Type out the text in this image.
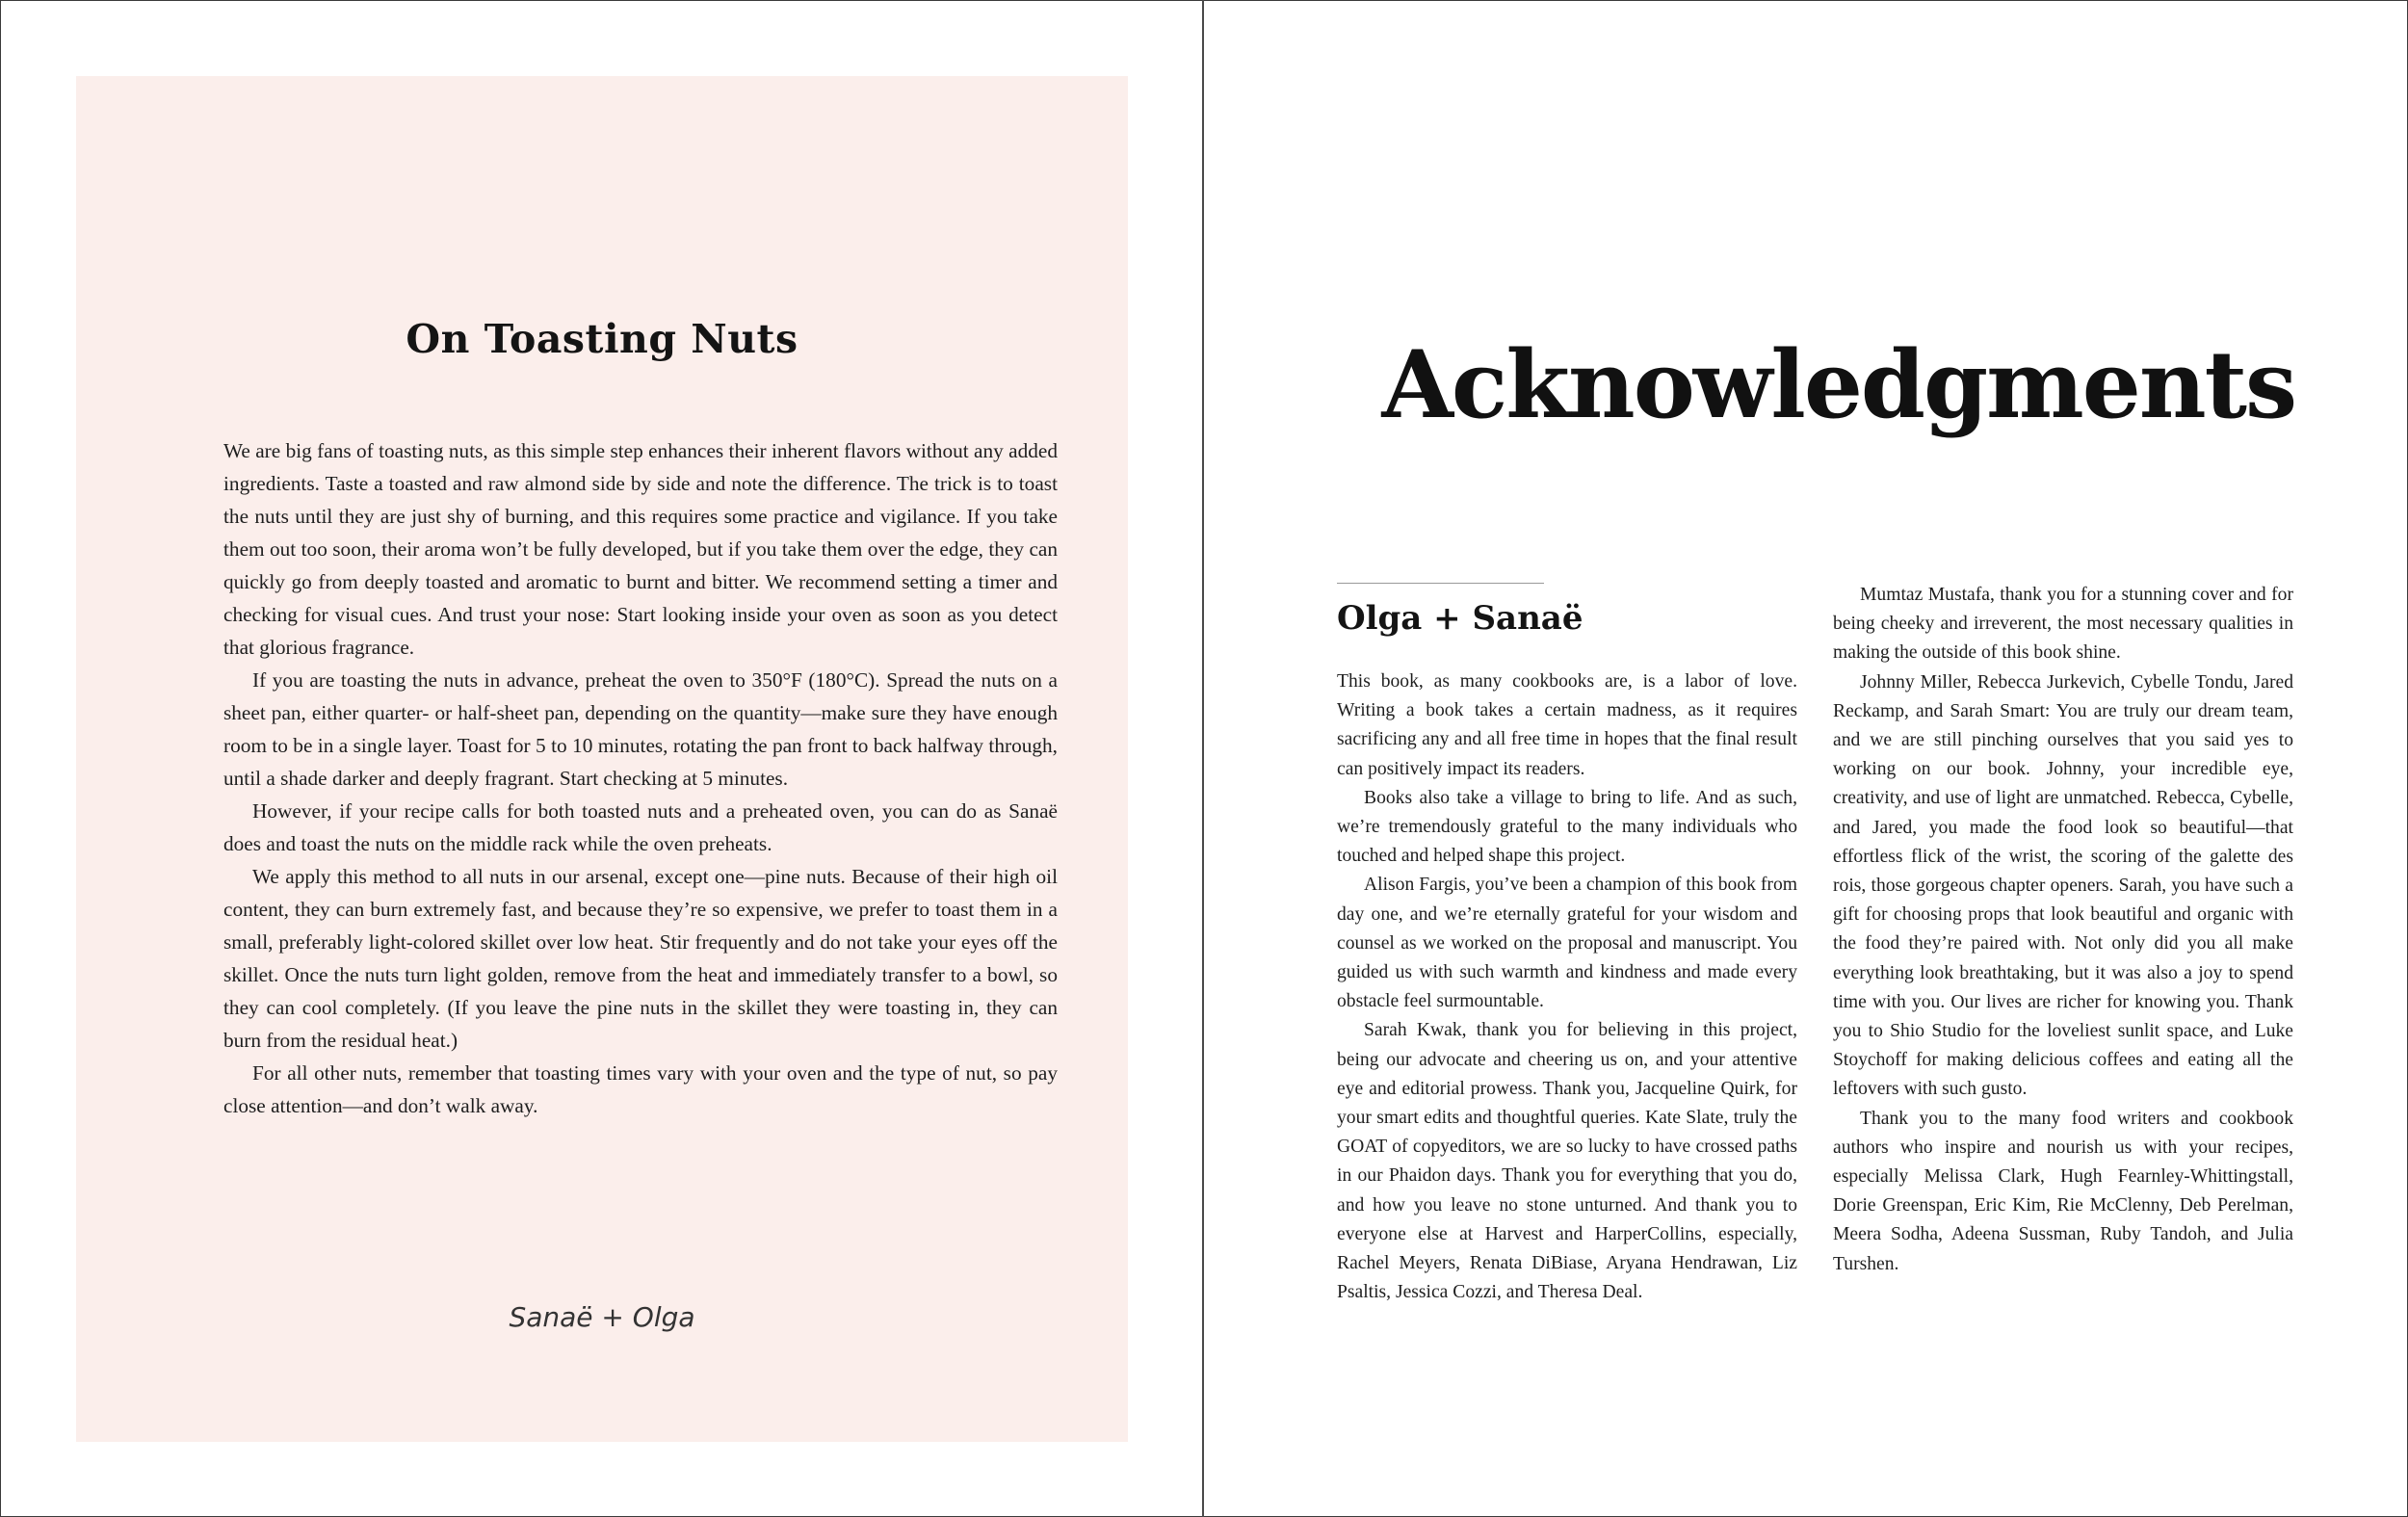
On Toasting Nuts

We are big fans of toasting nuts, as this simple step enhances their inherent flavors without any added ingredients. Taste a toasted and raw almond side by side and note the difference. The trick is to toast the nuts until they are just shy of burning, and this requires some practice and vigilance. If you take them out too soon, their aroma won’t be fully developed, but if you take them over the edge, they can quickly go from deeply toasted and aromatic to burnt and bitter. We recommend setting a timer and checking for visual cues. And trust your nose: Start looking inside your oven as soon as you detect that glorious fragrance.

If you are toasting the nuts in advance, preheat the oven to 350°F (180°C). Spread the nuts on a sheet pan, either quarter- or half-sheet pan, depending on the quantity—make sure they have enough room to be in a single layer. Toast for 5 to 10 minutes, rotating the pan front to back halfway through, until a shade darker and deeply fragrant. Start checking at 5 minutes.

However, if your recipe calls for both toasted nuts and a preheated oven, you can do as Sanaë does and toast the nuts on the middle rack while the oven preheats.

We apply this method to all nuts in our arsenal, except one—pine nuts. Because of their high oil content, they can burn extremely fast, and because they’re so expensive, we prefer to toast them in a small, preferably light-colored skillet over low heat. Stir frequently and do not take your eyes off the skillet. Once the nuts turn light golden, remove from the heat and immediately transfer to a bowl, so they can cool completely. (If you leave the pine nuts in the skillet they were toasting in, they can burn from the residual heat.)

For all other nuts, remember that toasting times vary with your oven and the type of nut, so pay close attention—and don’t walk away.

Sanaë + Olga
Acknowledgments
Olga + Sanaë

This book, as many cookbooks are, is a labor of love. Writing a book takes a certain madness, as it requires sacrificing any and all free time in hopes that the final result can positively impact its readers.

Books also take a village to bring to life. And as such, we’re tremendously grateful to the many individuals who touched and helped shape this project.

Alison Fargis, you’ve been a champion of this book from day one, and we’re eternally grateful for your wisdom and counsel as we worked on the proposal and manuscript. You guided us with such warmth and kindness and made every obstacle feel surmountable.

Sarah Kwak, thank you for believing in this project, being our advocate and cheering us on, and your attentive eye and editorial prowess. Thank you, Jacqueline Quirk, for your smart edits and thoughtful queries. Kate Slate, truly the GOAT of copyeditors, we are so lucky to have crossed paths in our Phaidon days. Thank you for everything that you do, and how you leave no stone unturned. And thank you to everyone else at Harvest and HarperCollins, especially, Rachel Meyers, Renata DiBiase, Aryana Hendrawan, Liz Psaltis, Jessica Cozzi, and Theresa Deal.

Mumtaz Mustafa, thank you for a stunning cover and for being cheeky and irreverent, the most necessary qualities in making the outside of this book shine.

Johnny Miller, Rebecca Jurkevich, Cybelle Tondu, Jared Reckamp, and Sarah Smart: You are truly our dream team, and we are still pinching ourselves that you said yes to working on our book. Johnny, your incredible eye, creativity, and use of light are unmatched. Rebecca, Cybelle, and Jared, you made the food look so beautiful—that effortless flick of the wrist, the scoring of the galette des rois, those gorgeous chapter openers. Sarah, you have such a gift for choosing props that look beautiful and organic with the food they’re paired with. Not only did you all make everything look breathtaking, but it was also a joy to spend time with you. Our lives are richer for knowing you. Thank you to Shio Studio for the loveliest sunlit space, and Luke Stoychoff for making delicious coffees and eating all the leftovers with such gusto.

Thank you to the many food writers and cookbook authors who inspire and nourish us with your recipes, especially Melissa Clark, Hugh Fearnley-Whittingstall, Dorie Greenspan, Eric Kim, Rie McClenny, Deb Perelman, Meera Sodha, Adeena Sussman, Ruby Tandoh, and Julia Turshen.
